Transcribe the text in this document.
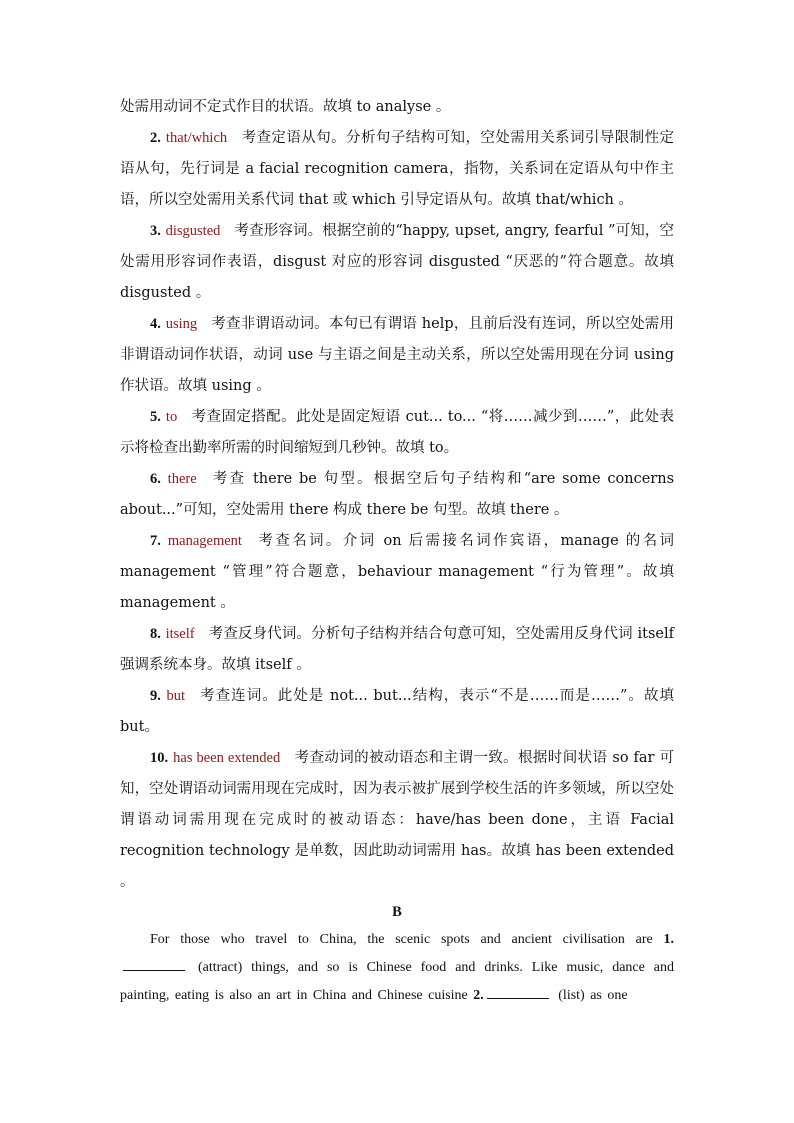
处需用动词不定式作目的状语。故填 to analyse 。

2. that/which 考查定语从句。分析句子结构可知，空处需用关系词引导限制性定语从句，先行词是 a facial recognition camera，指物，关系词在定语从句中作主语，所以空处需用关系代词 that 或 which 引导定语从句。故填 that/which 。

3. disgusted 考查形容词。根据空前的“happy, upset, angry, fearful ”可知，空处需用形容词作表语，disgust 对应的形容词 disgusted “厌恶的”符合题意。故填 disgusted 。

4. using 考查非谓语动词。本句已有谓语 help，且前后没有连词，所以空处需用非谓语动词作状语，动词 use 与主语之间是主动关系，所以空处需用现在分词 using 作状语。故填 using 。

5. to 考查固定搭配。此处是固定短语 cut... to... “将……减少到……”，此处表示将检查出勤率所需的时间缩短到几秒钟。故填 to。

6. there 考查 there be 句型。根据空后句子结构和“are some concerns about...”可知，空处需用 there 构成 there be 句型。故填 there 。

7. management 考查名词。介词 on 后需接名词作宾语，manage 的名词 management “管理”符合题意，behaviour management “行为管理”。故填 management 。

8. itself 考查反身代词。分析句子结构并结合句意可知，空处需用反身代词 itself 强调系统本身。故填 itself 。

9. but 考查连词。此处是 not... but...结构，表示“不是……而是……”。故填 but。

10. has been extended 考查动词的被动语态和主谓一致。根据时间状语 so far 可知，空处谓语动词需用现在完成时，因为表示被扩展到学校生活的许多领域，所以空处谓语动词需用现在完成时的被动语态：have/has been done，主语 Facial recognition technology 是单数，因此助动词需用 has。故填 has been extended 。

B

For those who travel to China, the scenic spots and ancient civilisation are 1. (attract) things, and so is Chinese food and drinks. Like music, dance and painting, eating is also an art in China and Chinese cuisine 2.	(list) as one
